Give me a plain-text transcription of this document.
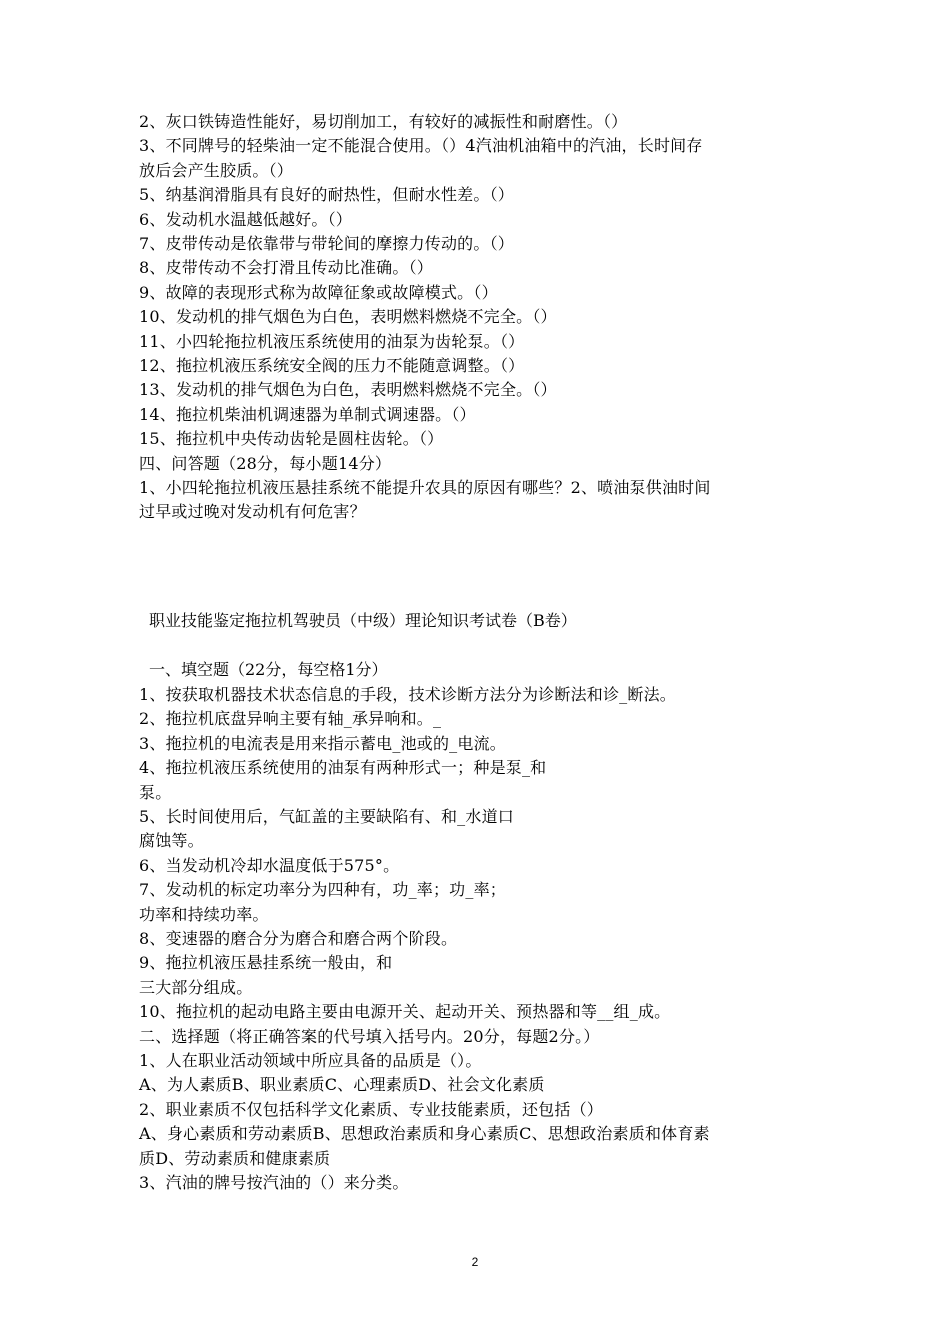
2、灰口铁铸造性能好，易切削加工，有较好的减振性和耐磨性。（）
3、不同牌号的轻柴油一定不能混合使用。（）4汽油机油箱中的汽油，长时间存
放后会产生胶质。（）
5、纳基润滑脂具有良好的耐热性，但耐水性差。（）
6、发动机水温越低越好。（）
7、皮带传动是依靠带与带轮间的摩擦力传动的。（）
8、皮带传动不会打滑且传动比准确。（）
9、故障的表现形式称为故障征象或故障模式。（）
10、发动机的排气烟色为白色，表明燃料燃烧不完全。（）
11、小四轮拖拉机液压系统使用的油泵为齿轮泵。（）
12、拖拉机液压系统安全阀的压力不能随意调整。（）
13、发动机的排气烟色为白色，表明燃料燃烧不完全。（）
14、拖拉机柴油机调速器为单制式调速器。（）
15、拖拉机中央传动齿轮是圆柱齿轮。（）
四、问答题（28分，每小题14分）
1、小四轮拖拉机液压悬挂系统不能提升农具的原因有哪些？2、喷油泵供油时间
过早或过晚对发动机有何危害？
职业技能鉴定拖拉机驾驶员（中级）理论知识考试卷（B卷）
一、填空题（22分，每空格1分）
1、按获取机器技术状态信息的手段，技术诊断方法分为诊断法和诊_断法。
2、拖拉机底盘异响主要有轴_承异响和。_
3、拖拉机的电流表是用来指示蓄电_池或的_电流。
4、拖拉机液压系统使用的油泵有两种形式一；种是泵_和
泵。
5、长时间使用后，气缸盖的主要缺陷有、和_水道口
腐蚀等。
6、当发动机冷却水温度低于575°。
7、发动机的标定功率分为四种有，功_率；功_率；
功率和持续功率。
8、变速器的磨合分为磨合和磨合两个阶段。
9、拖拉机液压悬挂系统一般由，和
三大部分组成。
10、拖拉机的起动电路主要由电源开关、起动开关、预热器和等__组_成。
二、选择题（将正确答案的代号填入括号内。20分，每题2分。）
1、人在职业活动领域中所应具备的品质是（）。
A、为人素质B、职业素质C、心理素质D、社会文化素质
2、职业素质不仅包括科学文化素质、专业技能素质，还包括（）
A、身心素质和劳动素质B、思想政治素质和身心素质C、思想政治素质和体育素
质D、劳动素质和健康素质
3、汽油的牌号按汽油的（）来分类。
2
